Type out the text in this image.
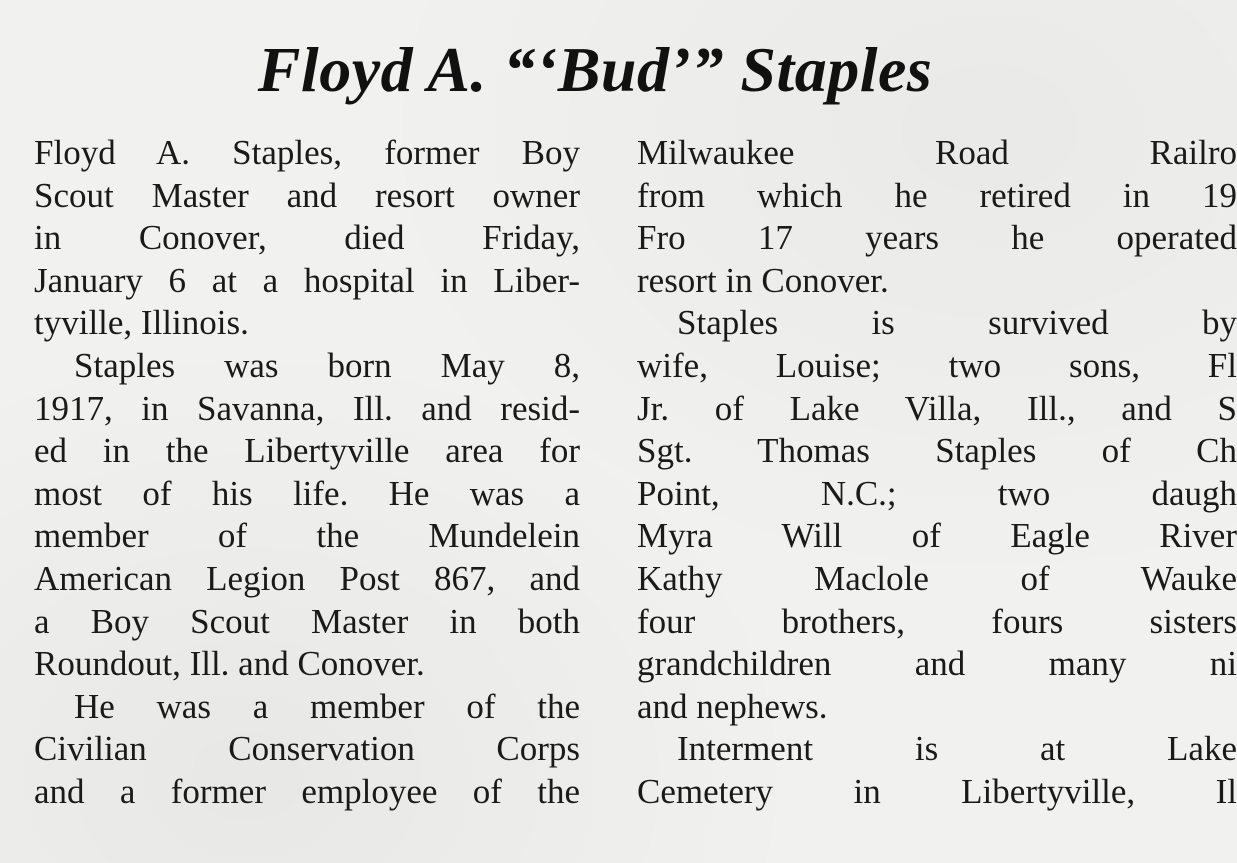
Floyd A. “‘Bud’” Staples
Floyd A. Staples, former Boy
Scout Master and resort owner
in Conover, died Friday,
January 6 at a hospital in Liber-
tyville, Illinois.
Staples was born May 8,
1917, in Savanna, Ill. and resid-
ed in the Libertyville area for
most of his life. He was a
member of the Mundelein
American Legion Post 867, and
a Boy Scout Master in both
Roundout, Ill. and Conover.
He was a member of the
Civilian Conservation Corps
and a former employee of the
Milwaukee Road Railro
from which he retired in 19
Fro 17 years he operated
resort in Conover.
Staples is survived by
wife, Louise; two sons, Fl
Jr. of Lake Villa, Ill., and S
Sgt. Thomas Staples of Ch
Point, N.C.; two daugh
Myra Will of Eagle River
Kathy Maclole of Wauke
four brothers, fours sisters
grandchildren and many ni
and nephews.
Interment is at Lake
Cemetery in Libertyville, Il
